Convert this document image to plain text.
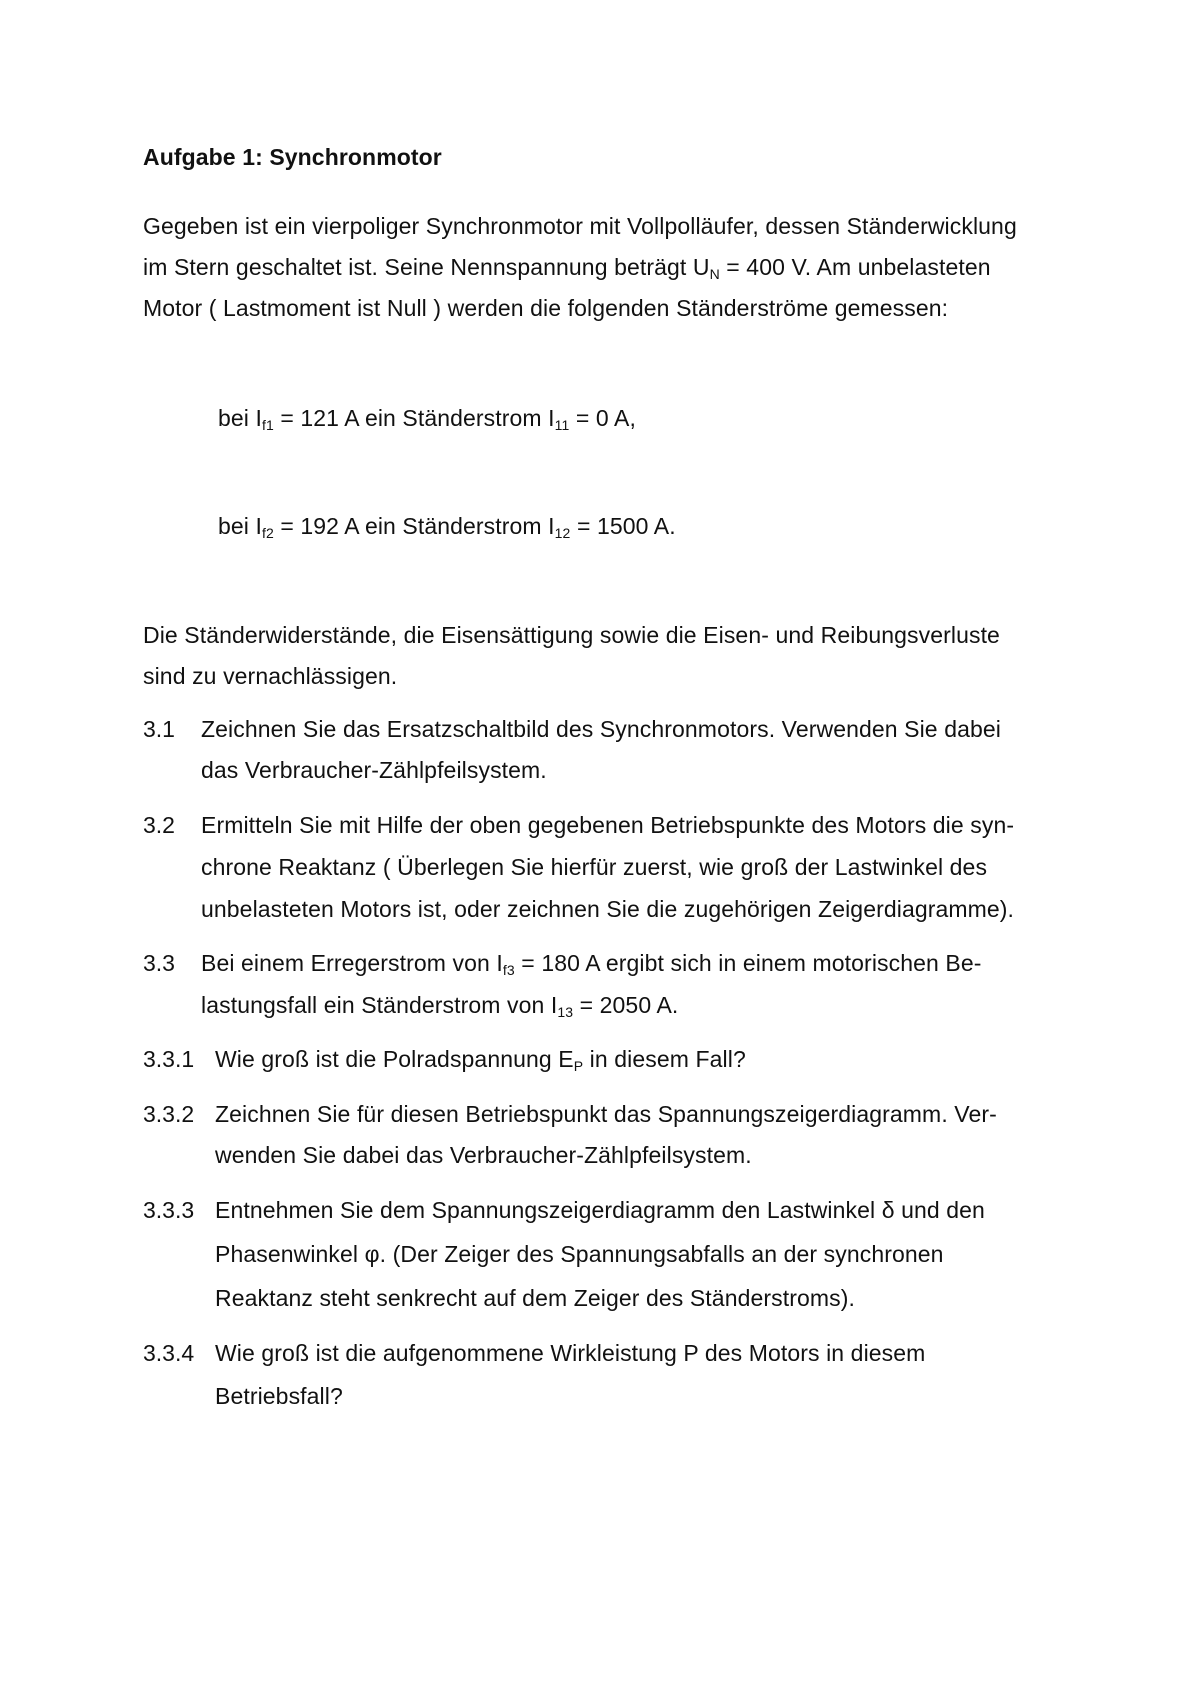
Aufgabe 1: Synchronmotor
Gegeben ist ein vierpoliger Synchronmotor mit Vollpolläufer, dessen Ständerwicklung
im Stern geschaltet ist. Seine Nennspannung beträgt $U_N = 400$ V. Am unbelasteten
Motor ( Lastmoment ist Null ) werden die folgenden Ständerströme gemessen:
bei $I_{f1} = 121$ A ein Ständerstrom $I_{11} = 0$ A,
bei $I_{f2} = 192$ A ein Ständerstrom $I_{12} = 1500$ A.
Die Ständerwiderstände, die Eisensättigung sowie die Eisen- und Reibungsverluste
sind zu vernachlässigen.
3.1 Zeichnen Sie das Ersatzschaltbild des Synchronmotors. Verwenden Sie dabei
das Verbraucher-Zählpfeilsystem.
3.2 Ermitteln Sie mit Hilfe der oben gegebenen Betriebspunkte des Motors die syn-
chrone Reaktanz ( Überlegen Sie hierfür zuerst, wie groß der Lastwinkel des
unbelasteten Motors ist, oder zeichnen Sie die zugehörigen Zeigerdiagramme).
3.3 Bei einem Erregerstrom von $I_{f3} = 180$ A ergibt sich in einem motorischen Be-
lastungsfall ein Ständerstrom von $I_{13} = 2050$ A.
3.3.1 Wie groß ist die Polradspannung $E_P$ in diesem Fall?
3.3.2 Zeichnen Sie für diesen Betriebspunkt das Spannungszeigerdiagramm. Ver-
wenden Sie dabei das Verbraucher-Zählpfeilsystem.
3.3.3 Entnehmen Sie dem Spannungszeigerdiagramm den Lastwinkel δ und den
Phasenwinkel φ. (Der Zeiger des Spannungsabfalls an der synchronen
Reaktanz steht senkrecht auf dem Zeiger des Ständerstroms).
3.3.4 Wie groß ist die aufgenommene Wirkleistung P des Motors in diesem
Betriebsfall?
